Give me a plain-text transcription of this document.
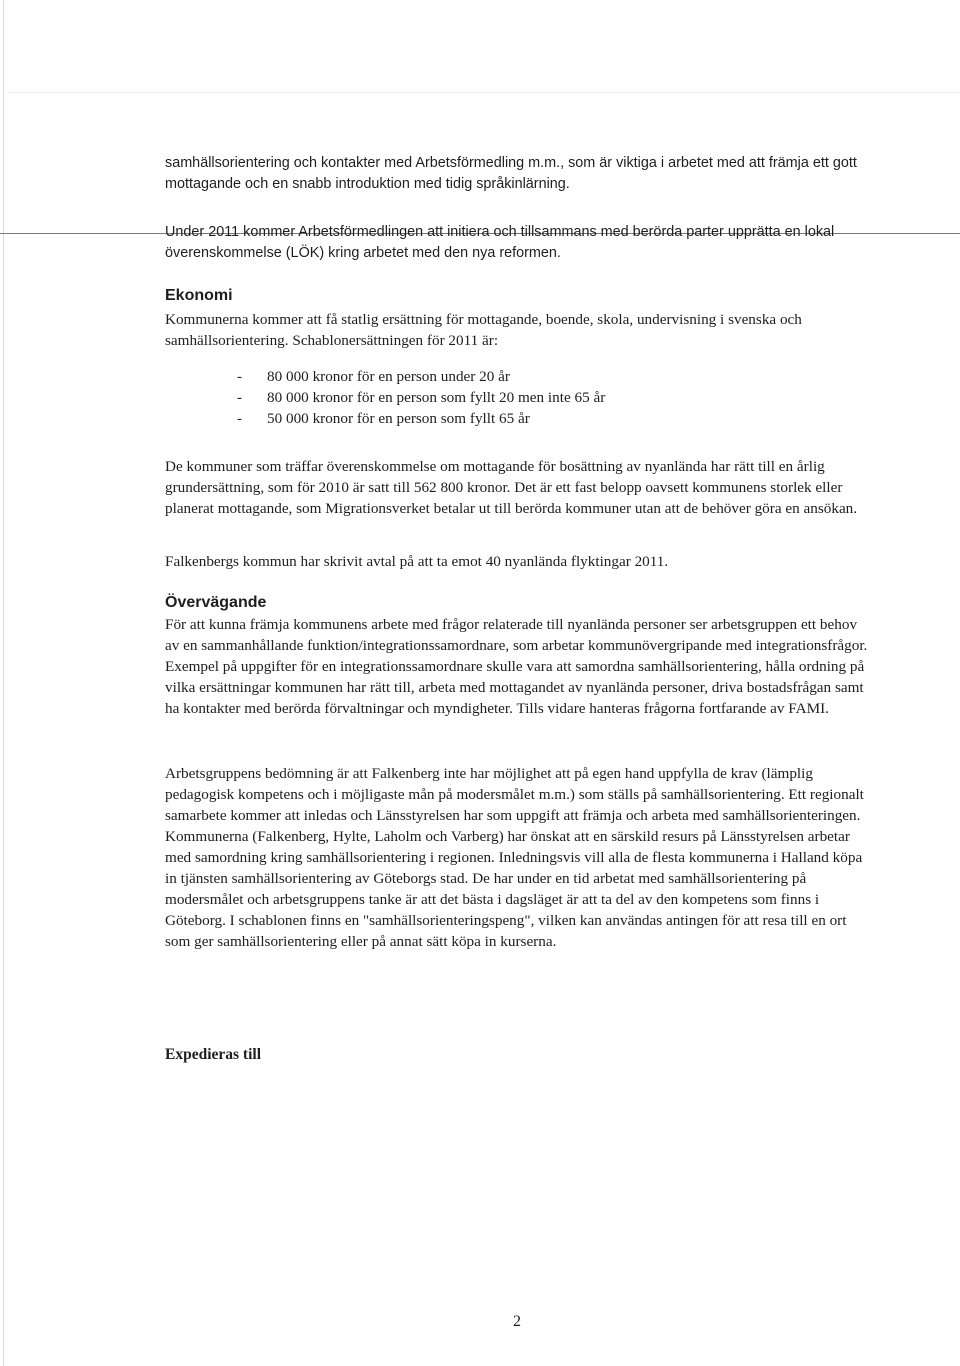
samhällsorientering och kontakter med Arbetsförmedling m.m., som är viktiga i arbetet med att främja ett gott mottagande och en snabb introduktion med tidig språkinlärning.

Under 2011 kommer Arbetsförmedlingen att initiera och tillsammans med berörda parter upprätta en lokal överenskommelse (LÖK) kring arbetet med den nya reformen.

Ekonomi

Kommunerna kommer att få statlig ersättning för mottagande, boende, skola, undervisning i svenska och samhällsorientering. Schablonersättningen för 2011 är:

- 80 000 kronor för en person under 20 år
- 80 000 kronor för en person som fyllt 20 men inte 65 år
- 50 000 kronor för en person som fyllt 65 år

De kommuner som träffar överenskommelse om mottagande för bosättning av nyanlända har rätt till en årlig grundersättning, som för 2010 är satt till 562 800 kronor. Det är ett fast belopp oavsett kommunens storlek eller planerat mottagande, som Migrationsverket betalar ut till berörda kommuner utan att de behöver göra en ansökan.

Falkenbergs kommun har skrivit avtal på att ta emot 40 nyanlända flyktingar 2011.

Övervägande

För att kunna främja kommunens arbete med frågor relaterade till nyanlända personer ser arbetsgruppen ett behov av en sammanhållande funktion/integrationssamordnare, som arbetar kommunövergripande med integrationsfrågor. Exempel på uppgifter för en integrationssamordnare skulle vara att samordna samhällsorientering, hålla ordning på vilka ersättningar kommunen har rätt till, arbeta med mottagandet av nyanlända personer, driva bostadsfrågan samt ha kontakter med berörda förvaltningar och myndigheter. Tills vidare hanteras frågorna fortfarande av FAMI.

Arbetsgruppens bedömning är att Falkenberg inte har möjlighet att på egen hand uppfylla de krav (lämplig pedagogisk kompetens och i möjligaste mån på modersmålet m.m.) som ställs på samhällsorientering. Ett regionalt samarbete kommer att inledas och Länsstyrelsen har som uppgift att främja och arbeta med samhällsorienteringen. Kommunerna (Falkenberg, Hylte, Laholm och Varberg) har önskat att en särskild resurs på Länsstyrelsen arbetar med samordning kring samhällsorientering i regionen. Inledningsvis vill alla de flesta kommunerna i Halland köpa in tjänsten samhällsorientering av Göteborgs stad. De har under en tid arbetat med samhällsorientering på modersmålet och arbetsgruppens tanke är att det bästa i dagsläget är att ta del av den kompetens som finns i Göteborg. I schablonen finns en "samhällsorienteringspeng", vilken kan användas antingen för att resa till en ort som ger samhällsorientering eller på annat sätt köpa in kurserna.

Expedieras till
2
